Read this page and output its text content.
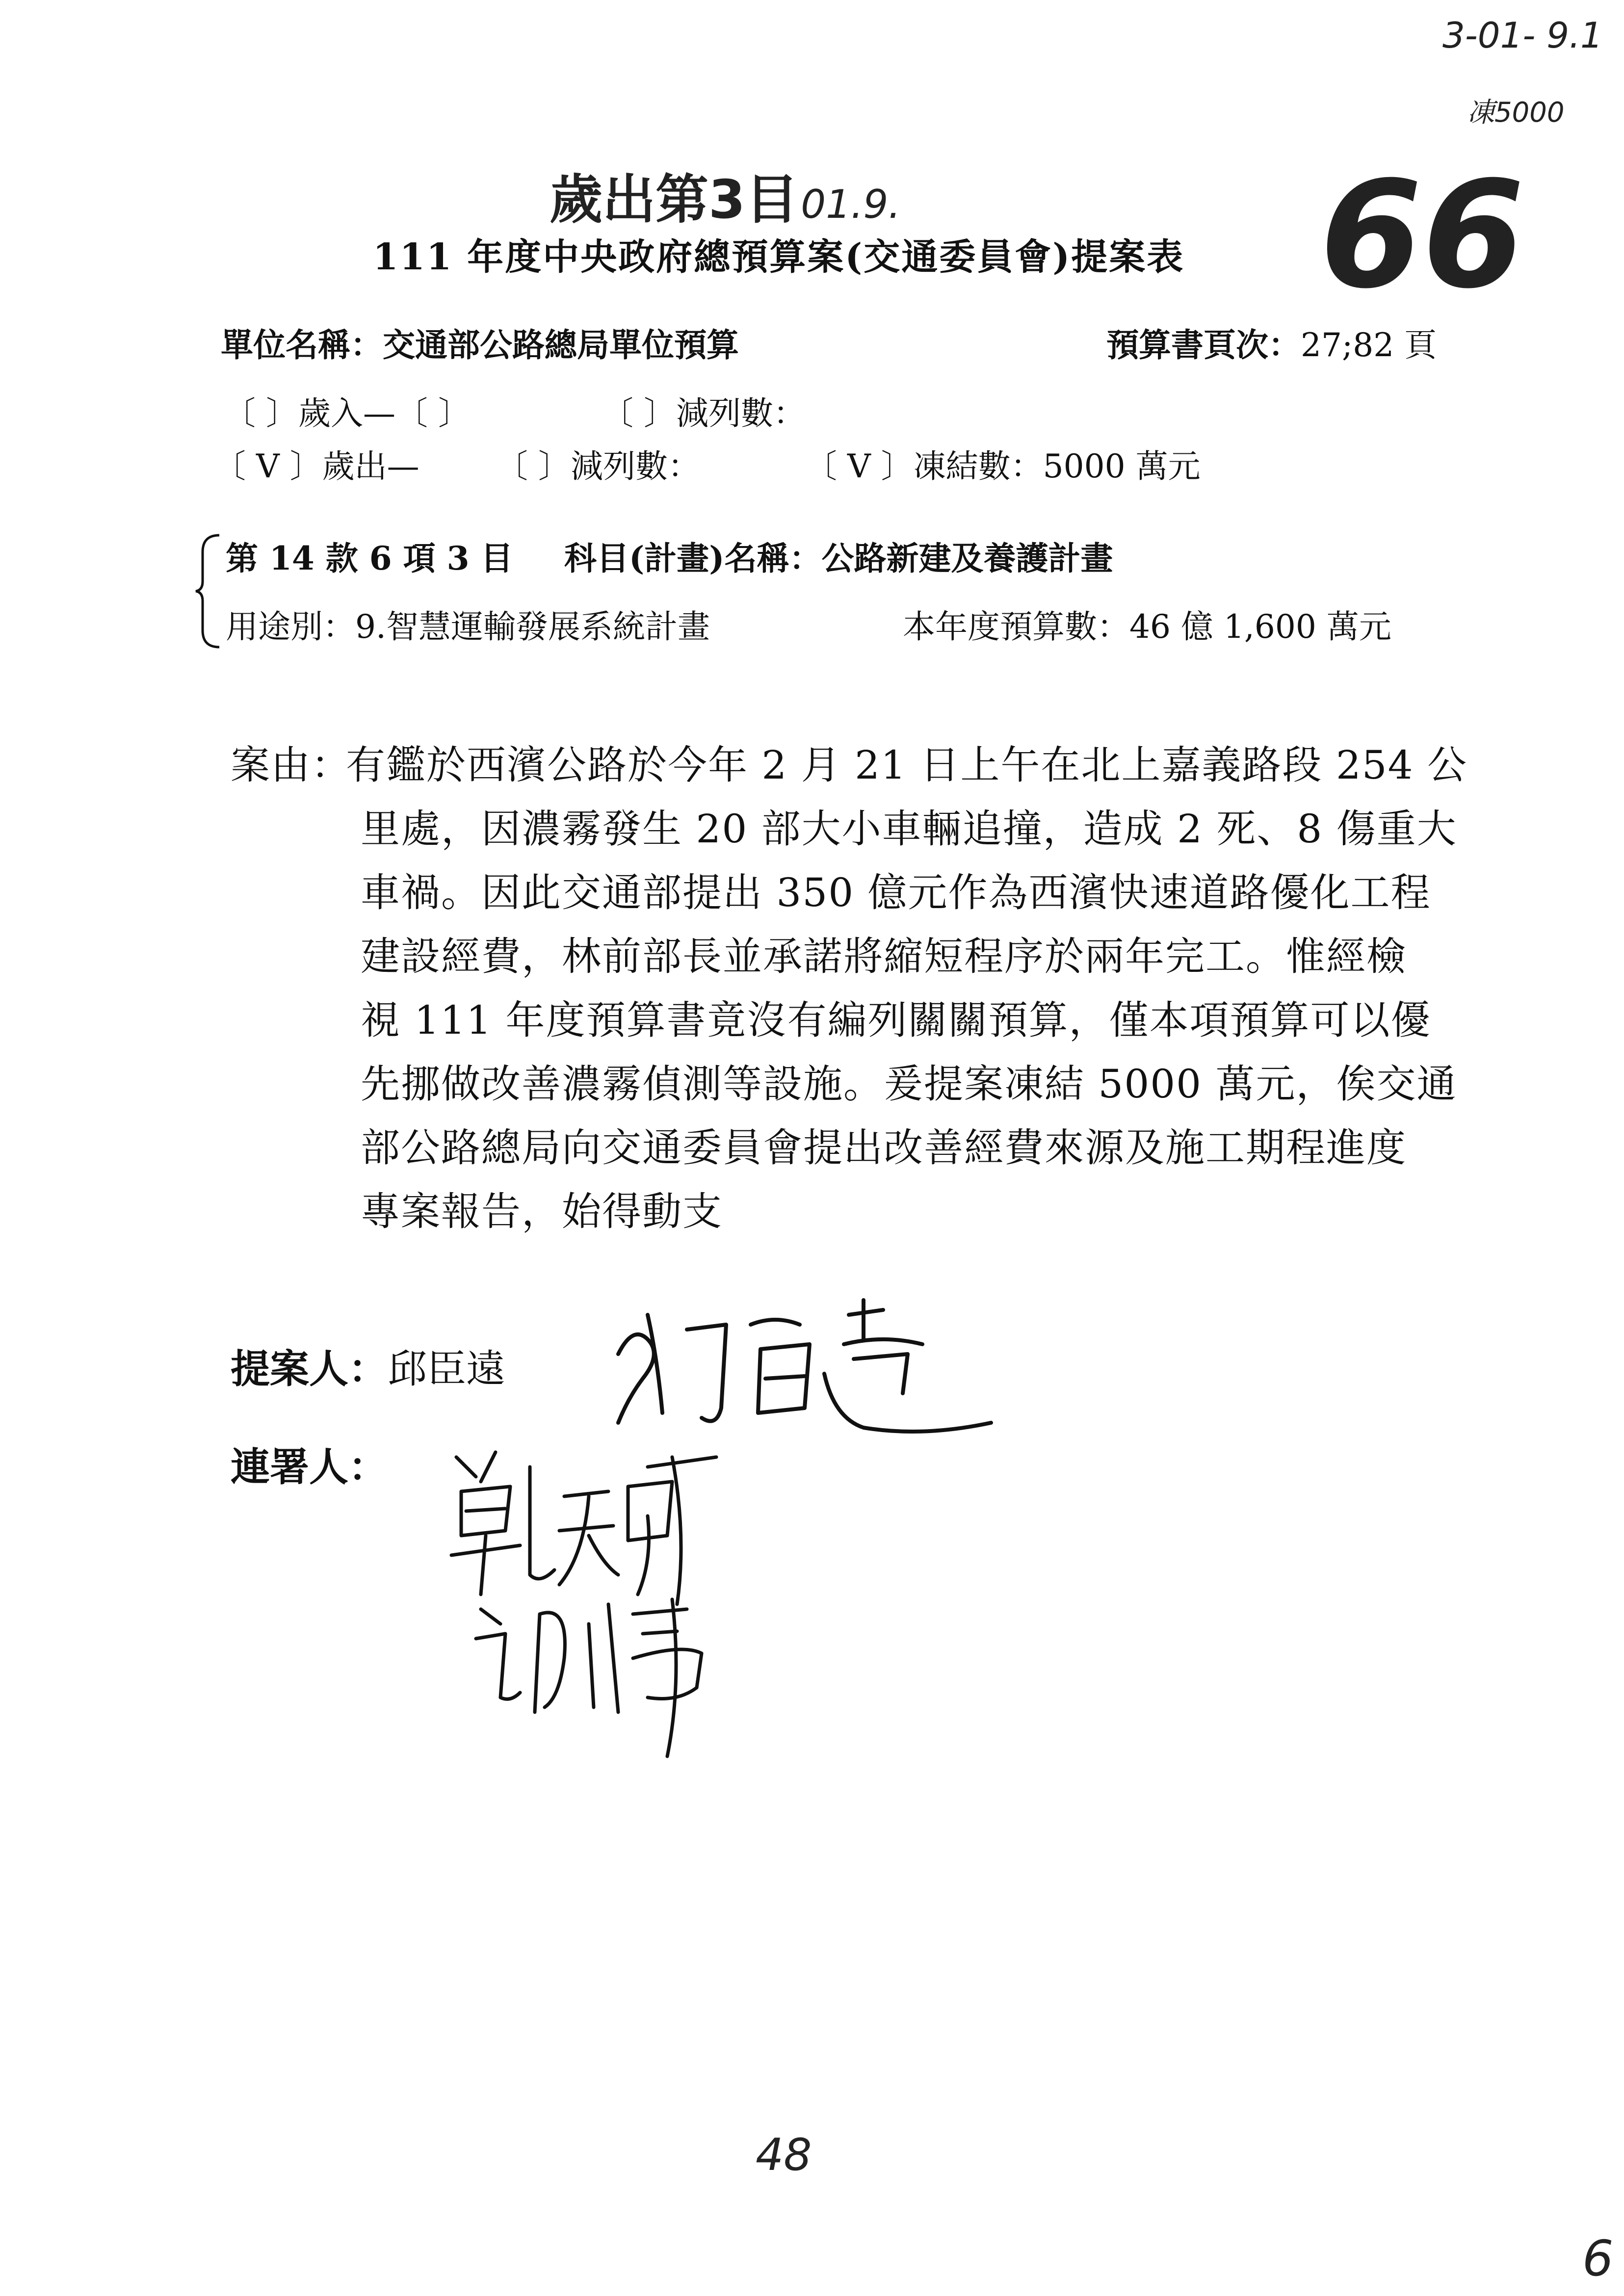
3-01- 9.1
凍5000
歲出第3目 01.9.	66
111 年度中央政府總預算案(交通委員會)提案表
單位名稱：交通部公路總局單位預算	預算書頁次：27;82 頁
〔 〕歲入—〔 〕	〔 〕減列數：
〔 V 〕歲出— 〔 〕減列數：	〔 V 〕凍結數：5000 萬元
第 14 款 6 項 3 目 科目(計畫)名稱：公路新建及養護計畫
用途別：9.智慧運輸發展系統計畫	本年度預算數：46 億 1,600 萬元
案由：
有鑑於西濱公路於今年 2 月 21 日上午在北上嘉義路段 254 公
里處，因濃霧發生 20 部大小車輛追撞，造成 2 死、8 傷重大
車禍。因此交通部提出 350 億元作為西濱快速道路優化工程
建設經費，林前部長並承諾將縮短程序於兩年完工。惟經檢
視 111 年度預算書竟沒有編列關關預算，僅本項預算可以優
先挪做改善濃霧偵測等設施。爰提案凍結 5000 萬元，俟交通
部公路總局向交通委員會提出改善經費來源及施工期程進度
專案報告，始得動支
提案人：邱臣遠
連署人：
48
6
